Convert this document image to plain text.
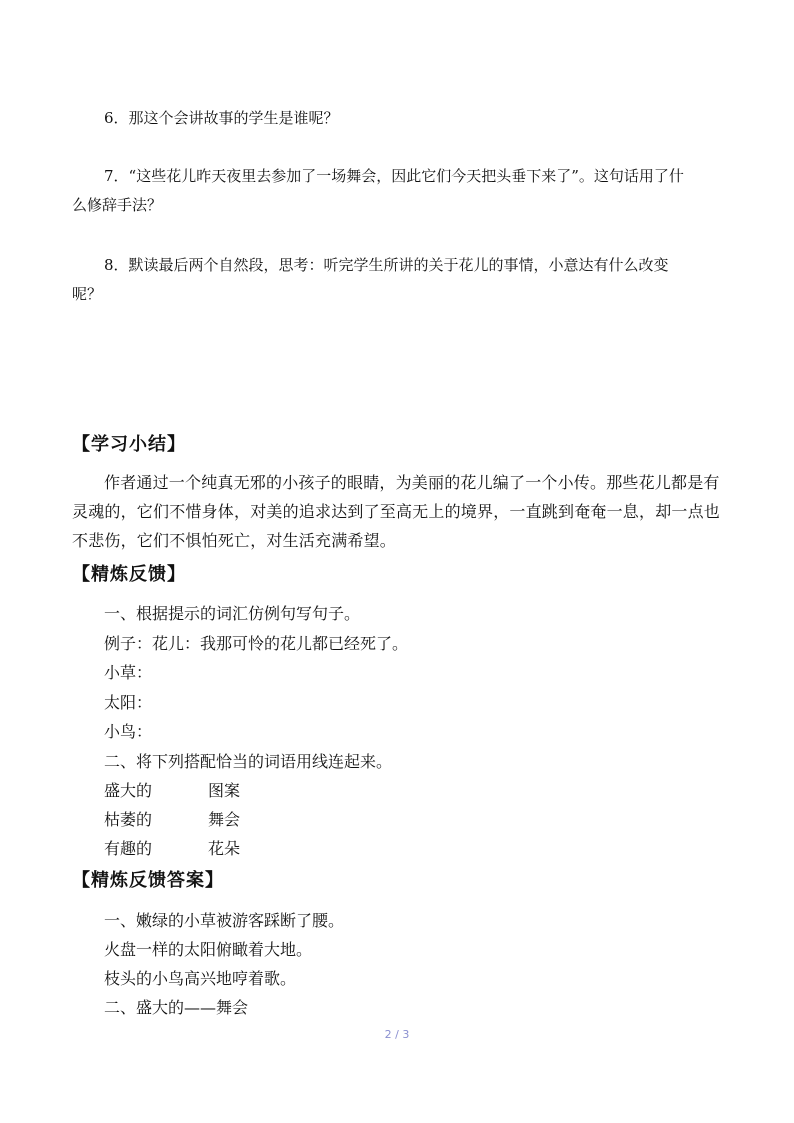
6．那这个会讲故事的学生是谁呢？
7．“这些花儿昨天夜里去参加了一场舞会，因此它们今天把头垂下来了”。这句话用了什
么修辞手法？
8．默读最后两个自然段，思考：听完学生所讲的关于花儿的事情，小意达有什么改变
呢？
【学习小结】
作者通过一个纯真无邪的小孩子的眼睛，为美丽的花儿编了一个小传。那些花儿都是有
灵魂的，它们不惜身体，对美的追求达到了至高无上的境界，一直跳到奄奄一息，却一点也
不悲伤，它们不惧怕死亡，对生活充满希望。
【精炼反馈】
一、根据提示的词汇仿例句写句子。
例子：花儿：我那可怜的花儿都已经死了。
小草：
太阳：
小鸟：
二、将下列搭配恰当的词语用线连起来。
盛大的	图案
枯萎的	舞会
有趣的	花朵
【精炼反馈答案】
一、嫩绿的小草被游客踩断了腰。
火盘一样的太阳俯瞰着大地。
枝头的小鸟高兴地哼着歌。
二、盛大的——舞会
2 / 3
